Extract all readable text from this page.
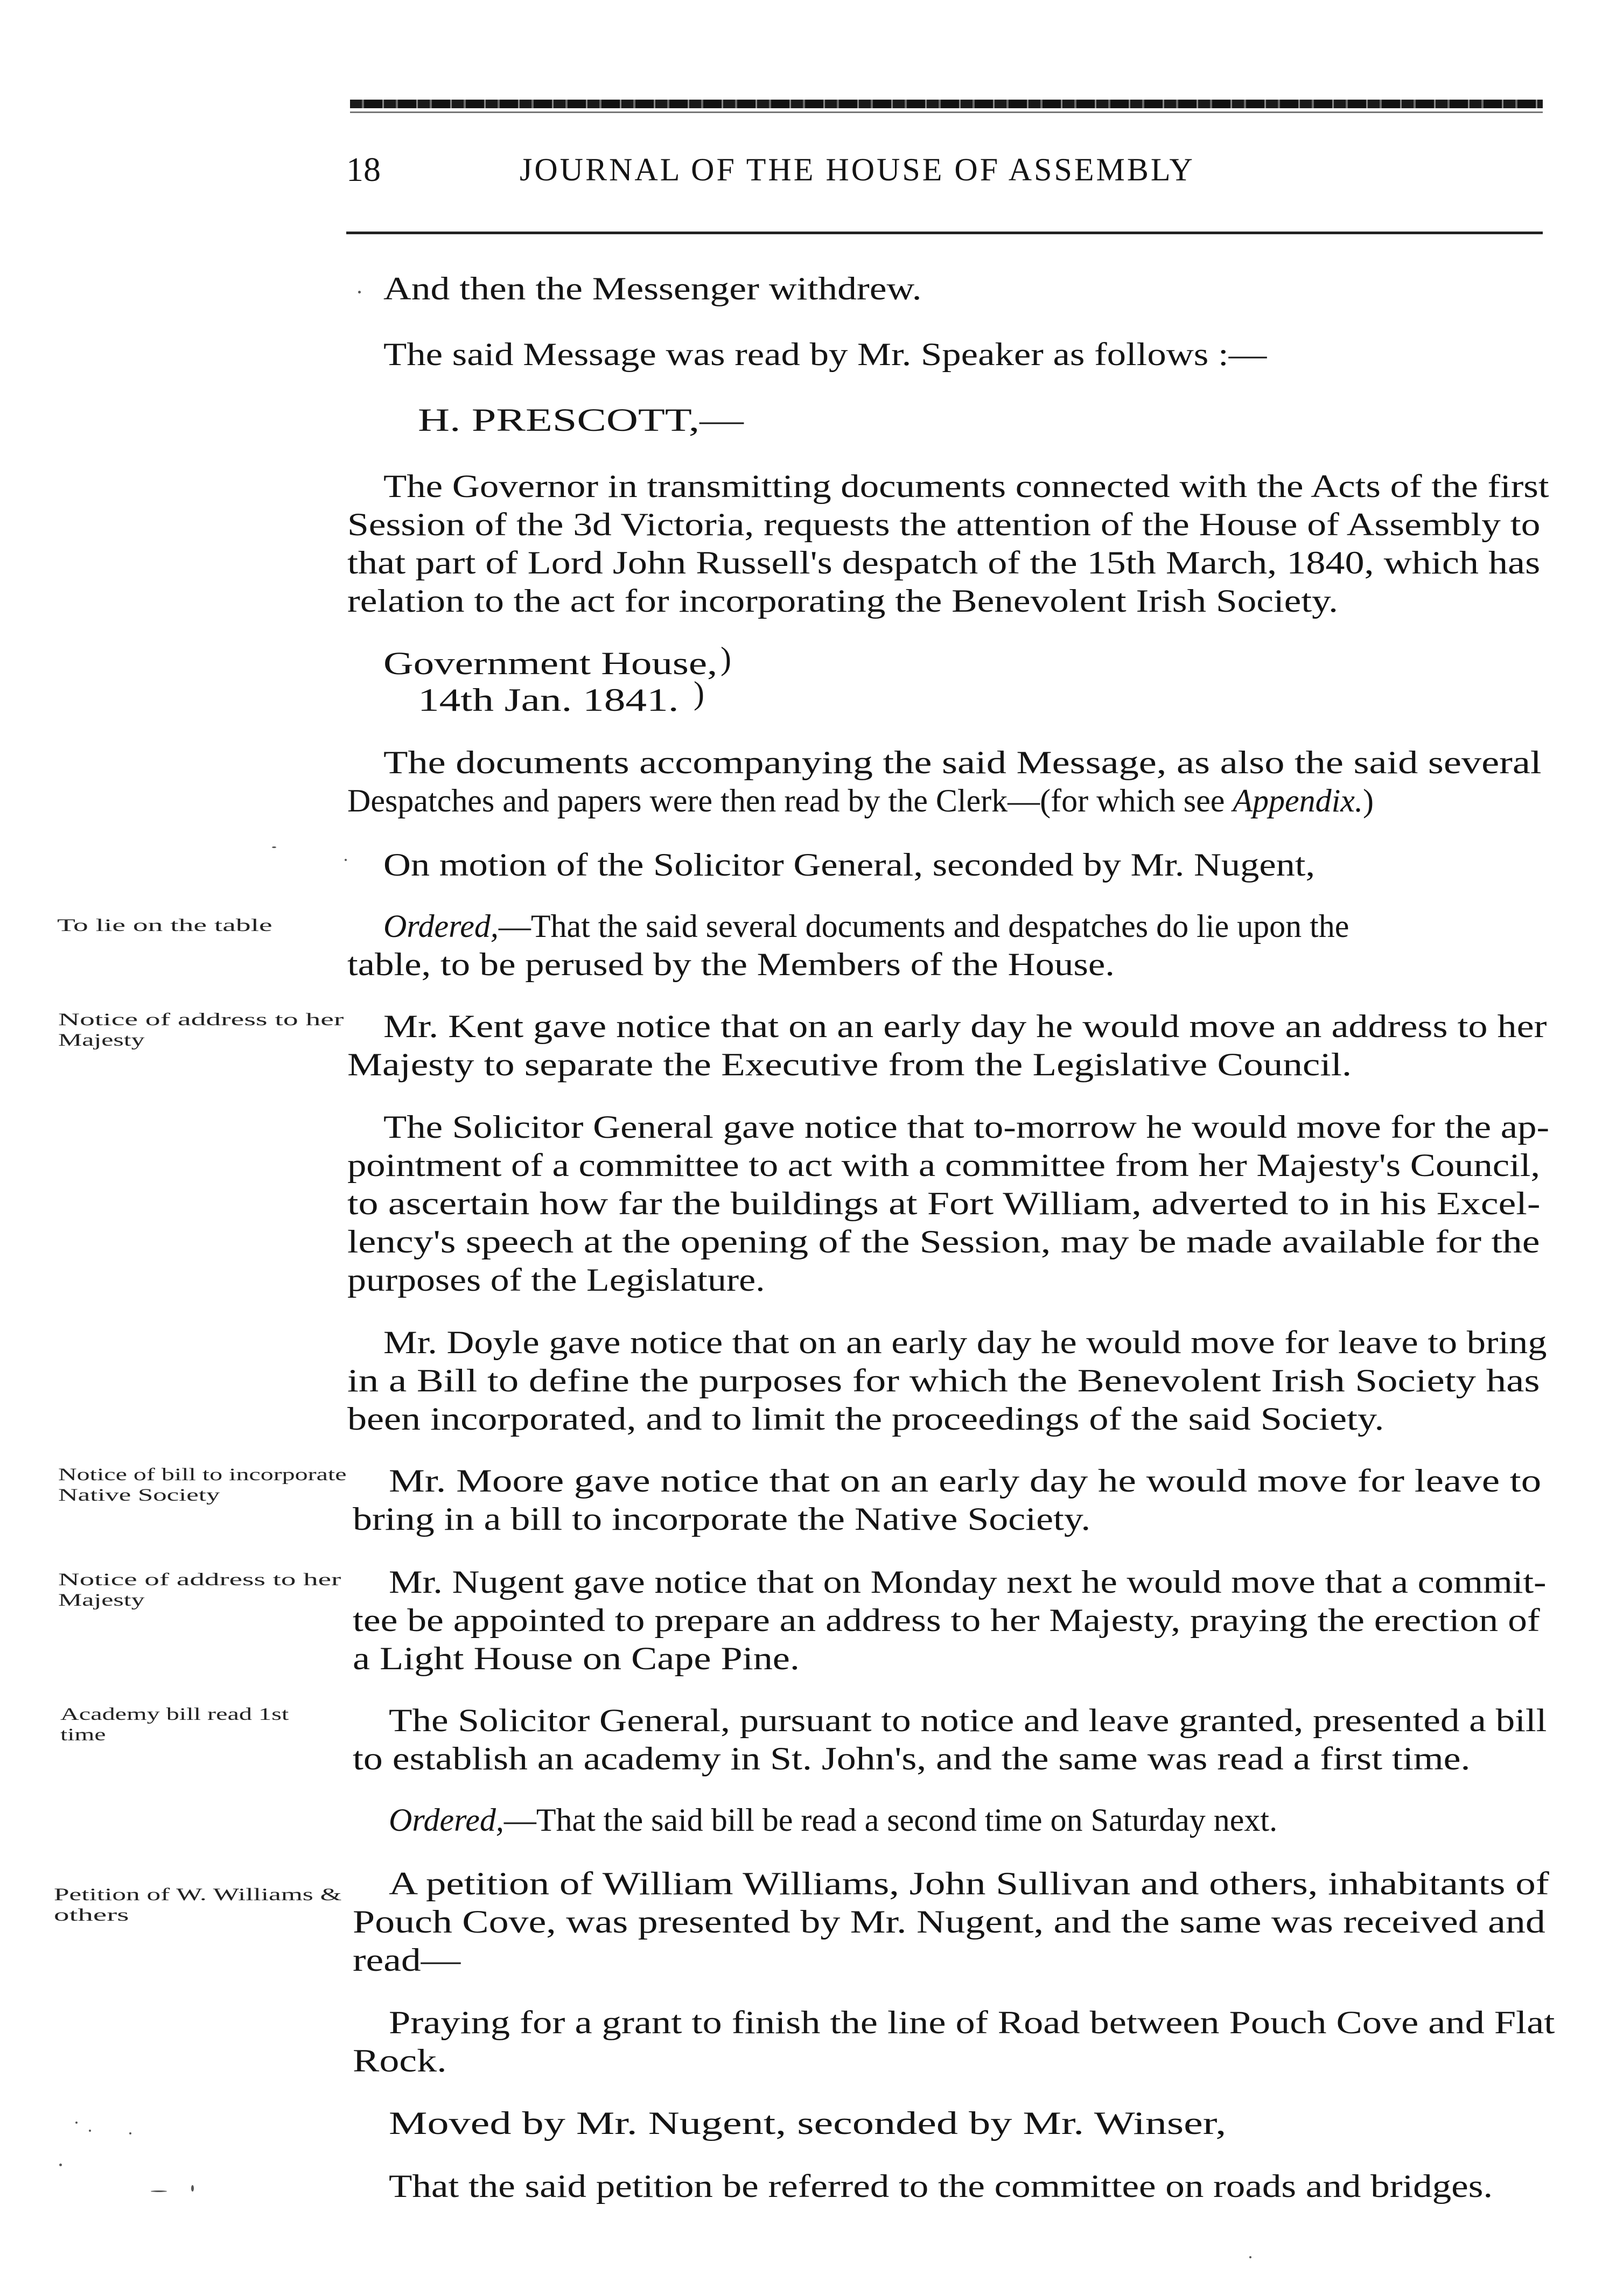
18	JOURNAL OF THE HOUSE OF ASSEMBLY
And then the Messenger withdrew.
The said Message was read by Mr. Speaker as follows :—
H. PRESCOTT,—
The Governor in transmitting documents connected with the Acts of the first
Session of the 3d Victoria, requests the attention of the House of Assembly to
that part of Lord John Russell's despatch of the 15th March, 1840, which has
relation to the act for incorporating the Benevolent Irish Society.
Government House,
14th Jan. 1841.
)
)
The documents accompanying the said Message, as also the said several
Despatches and papers were then read by the Clerk—(for which see Appendix.)
On motion of the Solicitor General, seconded by Mr. Nugent,
Ordered,—That the said several documents and despatches do lie upon the
table, to be perused by the Members of the House.
Mr. Kent gave notice that on an early day he would move an address to her
Majesty to separate the Executive from the Legislative Council.
The Solicitor General gave notice that to-morrow he would move for the ap-
pointment of a committee to act with a committee from her Majesty's Council,
to ascertain how far the buildings at Fort William, adverted to in his Excel-
lency's speech at the opening of the Session, may be made available for the
purposes of the Legislature.
Mr. Doyle gave notice that on an early day he would move for leave to bring
in a Bill to define the purposes for which the Benevolent Irish Society has
been incorporated, and to limit the proceedings of the said Society.
Mr. Moore gave notice that on an early day he would move for leave to
bring in a bill to incorporate the Native Society.
Mr. Nugent gave notice that on Monday next he would move that a commit-
tee be appointed to prepare an address to her Majesty, praying the erection of
a Light House on Cape Pine.
The Solicitor General, pursuant to notice and leave granted, presented a bill
to establish an academy in St. John's, and the same was read a first time.
Ordered,—That the said bill be read a second time on Saturday next.
A petition of William Williams, John Sullivan and others, inhabitants of
Pouch Cove, was presented by Mr. Nugent, and the same was received and
read—
Praying for a grant to finish the line of Road between Pouch Cove and Flat
Rock.
Moved by Mr. Nugent, seconded by Mr. Winser,
That the said petition be referred to the committee on roads and bridges.
To lie on the table
Notice of address to her
Majesty
Notice of bill to incorporate
Native Society
Notice of address to her
Majesty
Academy bill read 1st
time
Petition of W. Williams &
others
